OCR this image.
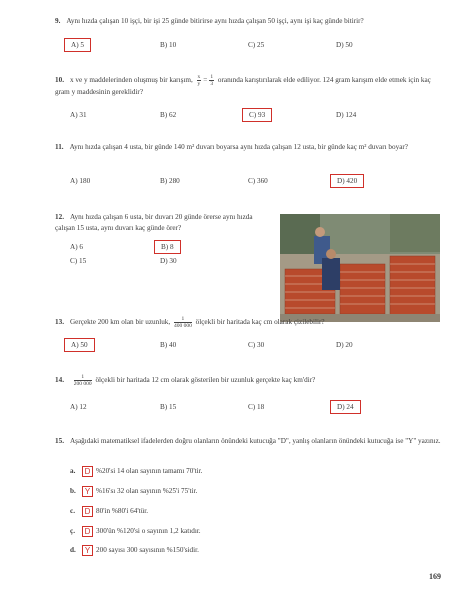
9. Aynı hızda çalışan 10 işçi, bir işi 25 günde bitirirse aynı hızda çalışan 50 işçi, aynı işi kaç günde bitirir?
A) 5	B) 10	C) 25	D) 50
10. x ve y maddelerinden oluşmuş bir karışım, $\frac{x}{y} = \frac{1}{3}$ oranında karıştırılarak elde ediliyor. 124 gram karışım elde etmek için kaç gram y maddesinin gereklidir?
A) 31	B) 62	C) 93	D) 124
11. Aynı hızda çalışan 4 usta, bir günde 140 m² duvarı boyarsa aynı hızda çalışan 12 usta, bir günde kaç m² duvarı boyar?
A) 180	B) 280	C) 360	D) 420
12. Aynı hızda çalışan 6 usta, bir duvarı 20 günde örerse aynı hızda çalışan 15 usta, aynı duvarı kaç günde örer?
A) 6	B) 8
C) 15	D) 30
13. Gerçekte 200 km olan bir uzunluk, $\frac{1}{400 000}$ ölçekli bir haritada kaç cm olarak çizilebilir?
A) 50	B) 40	C) 30	D) 20
14. $\frac{1}{200 000}$ ölçekli bir haritada 12 cm olarak gösterilen bir uzunluk gerçekte kaç km'dir?
A) 12	B) 15	C) 18	D) 24
15. Aşağıdaki matematiksel ifadelerden doğru olanların önündeki kutucuğa "D", yanlış olanların önündeki kutucuğa ise "Y" yazınız.
a. D %20'si 14 olan sayının tamamı 70'tir.
b. Y %16'sı 32 olan sayının %25'i 75'tir.
c. D 80'in %80'i 64'tür.
ç. D 300'ün %120'si o sayının 1,2 katıdır.
d. Y 200 sayısı 300 sayısının %150'sidir.
169
